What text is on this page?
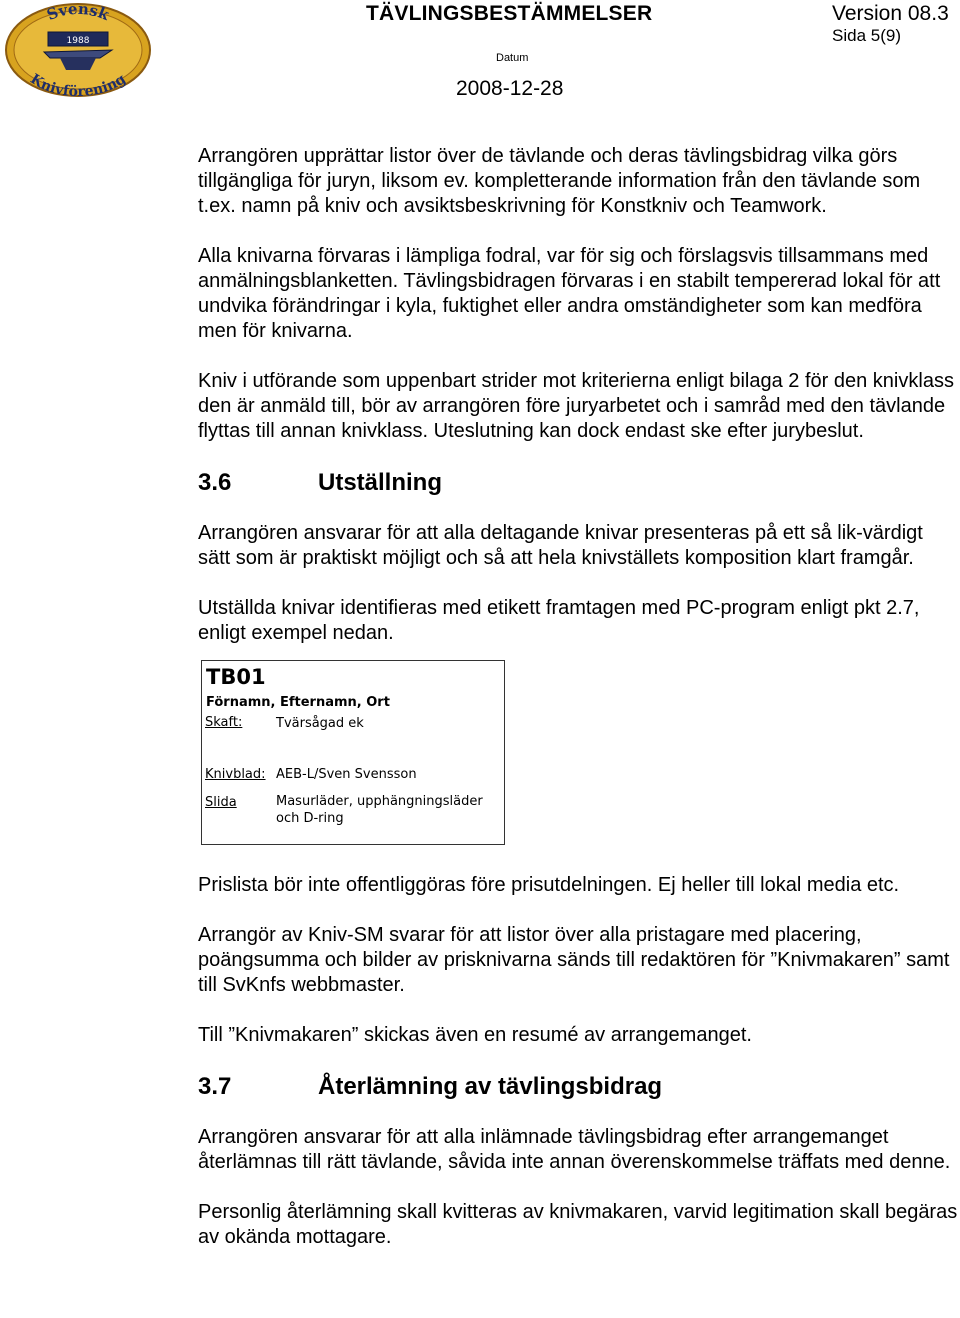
1988
Svensk
Knivförening
TÄVLINGSBESTÄMMELSER	Version 08.3
Sida 5(9)
Datum
2008-12-28

Arrangören upprättar listor över de tävlande och deras tävlingsbidrag vilka görs tillgängliga för juryn, liksom ev. kompletterande information från den tävlande som t.ex. namn på kniv och avsiktsbeskrivning för Konstkniv och Teamwork.

Alla knivarna förvaras i lämpliga fodral, var för sig och förslagsvis tillsammans med anmälningsblanketten. Tävlingsbidragen förvaras i en stabilt tempererad lokal för att undvika förändringar i kyla, fuktighet eller andra omständigheter som kan medföra men för knivarna.

Kniv i utförande som uppenbart strider mot kriterierna enligt bilaga 2 för den knivklass den är anmäld till, bör av arrangören före juryarbetet och i samråd med den tävlande flyttas till annan knivklass. Uteslutning kan dock endast ske efter jurybeslut.

3.6	Utställning

Arrangören ansvarar för att alla deltagande knivar presenteras på ett så lik-värdigt sätt som är praktiskt möjligt och så att hela knivställets komposition klart framgår.

Utställda knivar identifieras med etikett framtagen med PC-program enligt pkt 2.7, enligt exempel nedan.

TB01
Förnamn, Efternamn, Ort
Skaft:	Tvärsågad ek
Knivblad: AEB-L/Sven Svensson
Slida	Masurläder, upphängningsläder
och D-ring

Prislista bör inte offentliggöras före prisutdelningen. Ej heller till lokal media etc.

Arrangör av Kniv-SM svarar för att listor över alla pristagare med placering, poängsumma och bilder av prisknivarna sänds till redaktören för ”Knivmakaren” samt till SvKnfs webbmaster.

Till ”Knivmakaren” skickas även en resumé av arrangemanget.

3.7	Återlämning av tävlingsbidrag

Arrangören ansvarar för att alla inlämnade tävlingsbidrag efter arrangemanget återlämnas till rätt tävlande, såvida inte annan överenskommelse träffats med denne.

Personlig återlämning skall kvitteras av knivmakaren, varvid legitimation skall begäras av okända mottagare.
